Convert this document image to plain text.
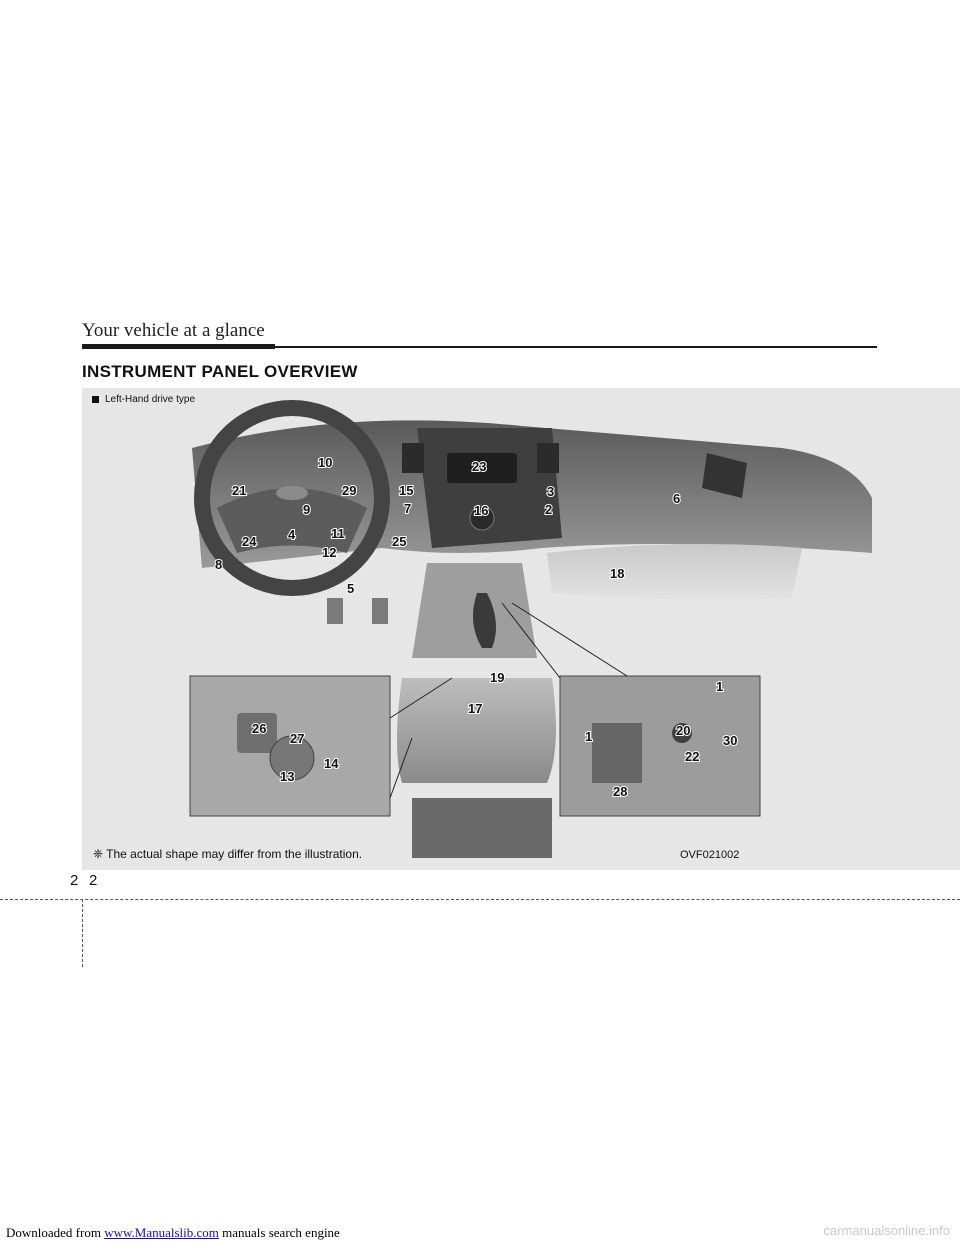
Downloaded from www.Manualslib.com manuals search engine
Your vehicle at a glance
INSTRUMENT PANEL OVERVIEW
1
1
2
3
4
5
6
7
8
9
10
11
12
13
14
15
16
17
18
19
20
21
22
23
24	25
26
27
28
29
30
Left-Hand drive type
❈ The actual shape may differ from the illustration.	OVF021002
2 2
carmanualsonline.info
